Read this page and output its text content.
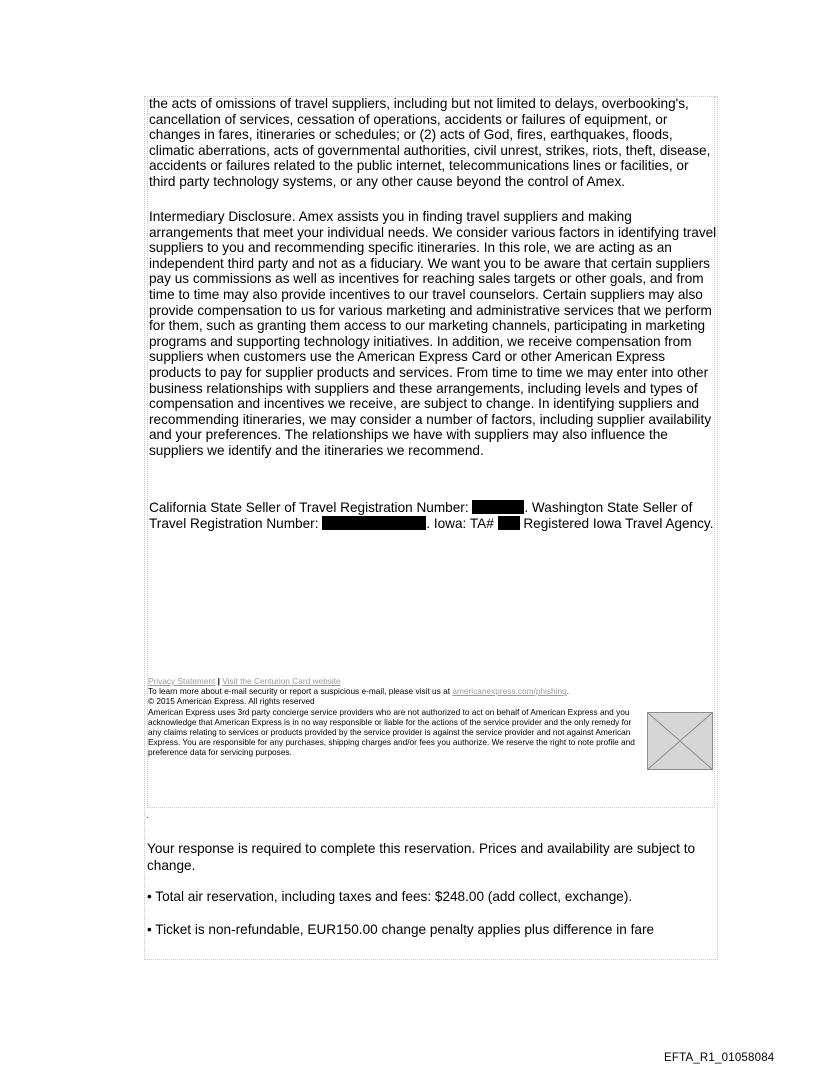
the acts of omissions of travel suppliers, including but not limited to delays, overbooking's, cancellation of services, cessation of operations, accidents or failures of equipment, or changes in fares, itineraries or schedules; or (2) acts of God, fires, earthquakes, floods, climatic aberrations, acts of governmental authorities, civil unrest, strikes, riots, theft, disease, accidents or failures related to the public internet, telecommunications lines or facilities, or third party technology systems, or any other cause beyond the control of Amex.
Intermediary Disclosure. Amex assists you in finding travel suppliers and making arrangements that meet your individual needs. We consider various factors in identifying travel suppliers to you and recommending specific itineraries. In this role, we are acting as an independent third party and not as a fiduciary. We want you to be aware that certain suppliers pay us commissions as well as incentives for reaching sales targets or other goals, and from time to time may also provide incentives to our travel counselors. Certain suppliers may also provide compensation to us for various marketing and administrative services that we perform for them, such as granting them access to our marketing channels, participating in marketing programs and supporting technology initiatives. In addition, we receive compensation from suppliers when customers use the American Express Card or other American Express products to pay for supplier products and services. From time to time we may enter into other business relationships with suppliers and these arrangements, including levels and types of compensation and incentives we receive, are subject to change. In identifying suppliers and recommending itineraries, we may consider a number of factors, including supplier availability and your preferences. The relationships we have with suppliers may also influence the suppliers we identify and the itineraries we recommend.
California State Seller of Travel Registration Number:	. Washington State Seller of Travel Registration Number:	. Iowa: TA# Registered Iowa Travel Agency.
Privacy Statement | Visit the Centurion Card website
To learn more about e-mail security or report a suspicious e-mail, please visit us at americanexpress.com/phishing.
© 2015 American Express. All rights reserved
American Express uses 3rd party concierge service providers who are not authorized to act on behalf of American Express and you acknowledge that American Express is in no way responsible or liable for the actions of the service provider and the only remedy for any claims relating to services or products provided by the service provider is against the service provider and not against American Express. You are responsible for any purchases, shipping charges and/or fees you authorize. We reserve the right to note profile and preference data for servicing purposes.
.
Your response is required to complete this reservation. Prices and availability are subject to change.
• Total air reservation, including taxes and fees: $248.00 (add collect, exchange).
• Ticket is non-refundable, EUR150.00 change penalty applies plus difference in fare
EFTA_R1_01058084
